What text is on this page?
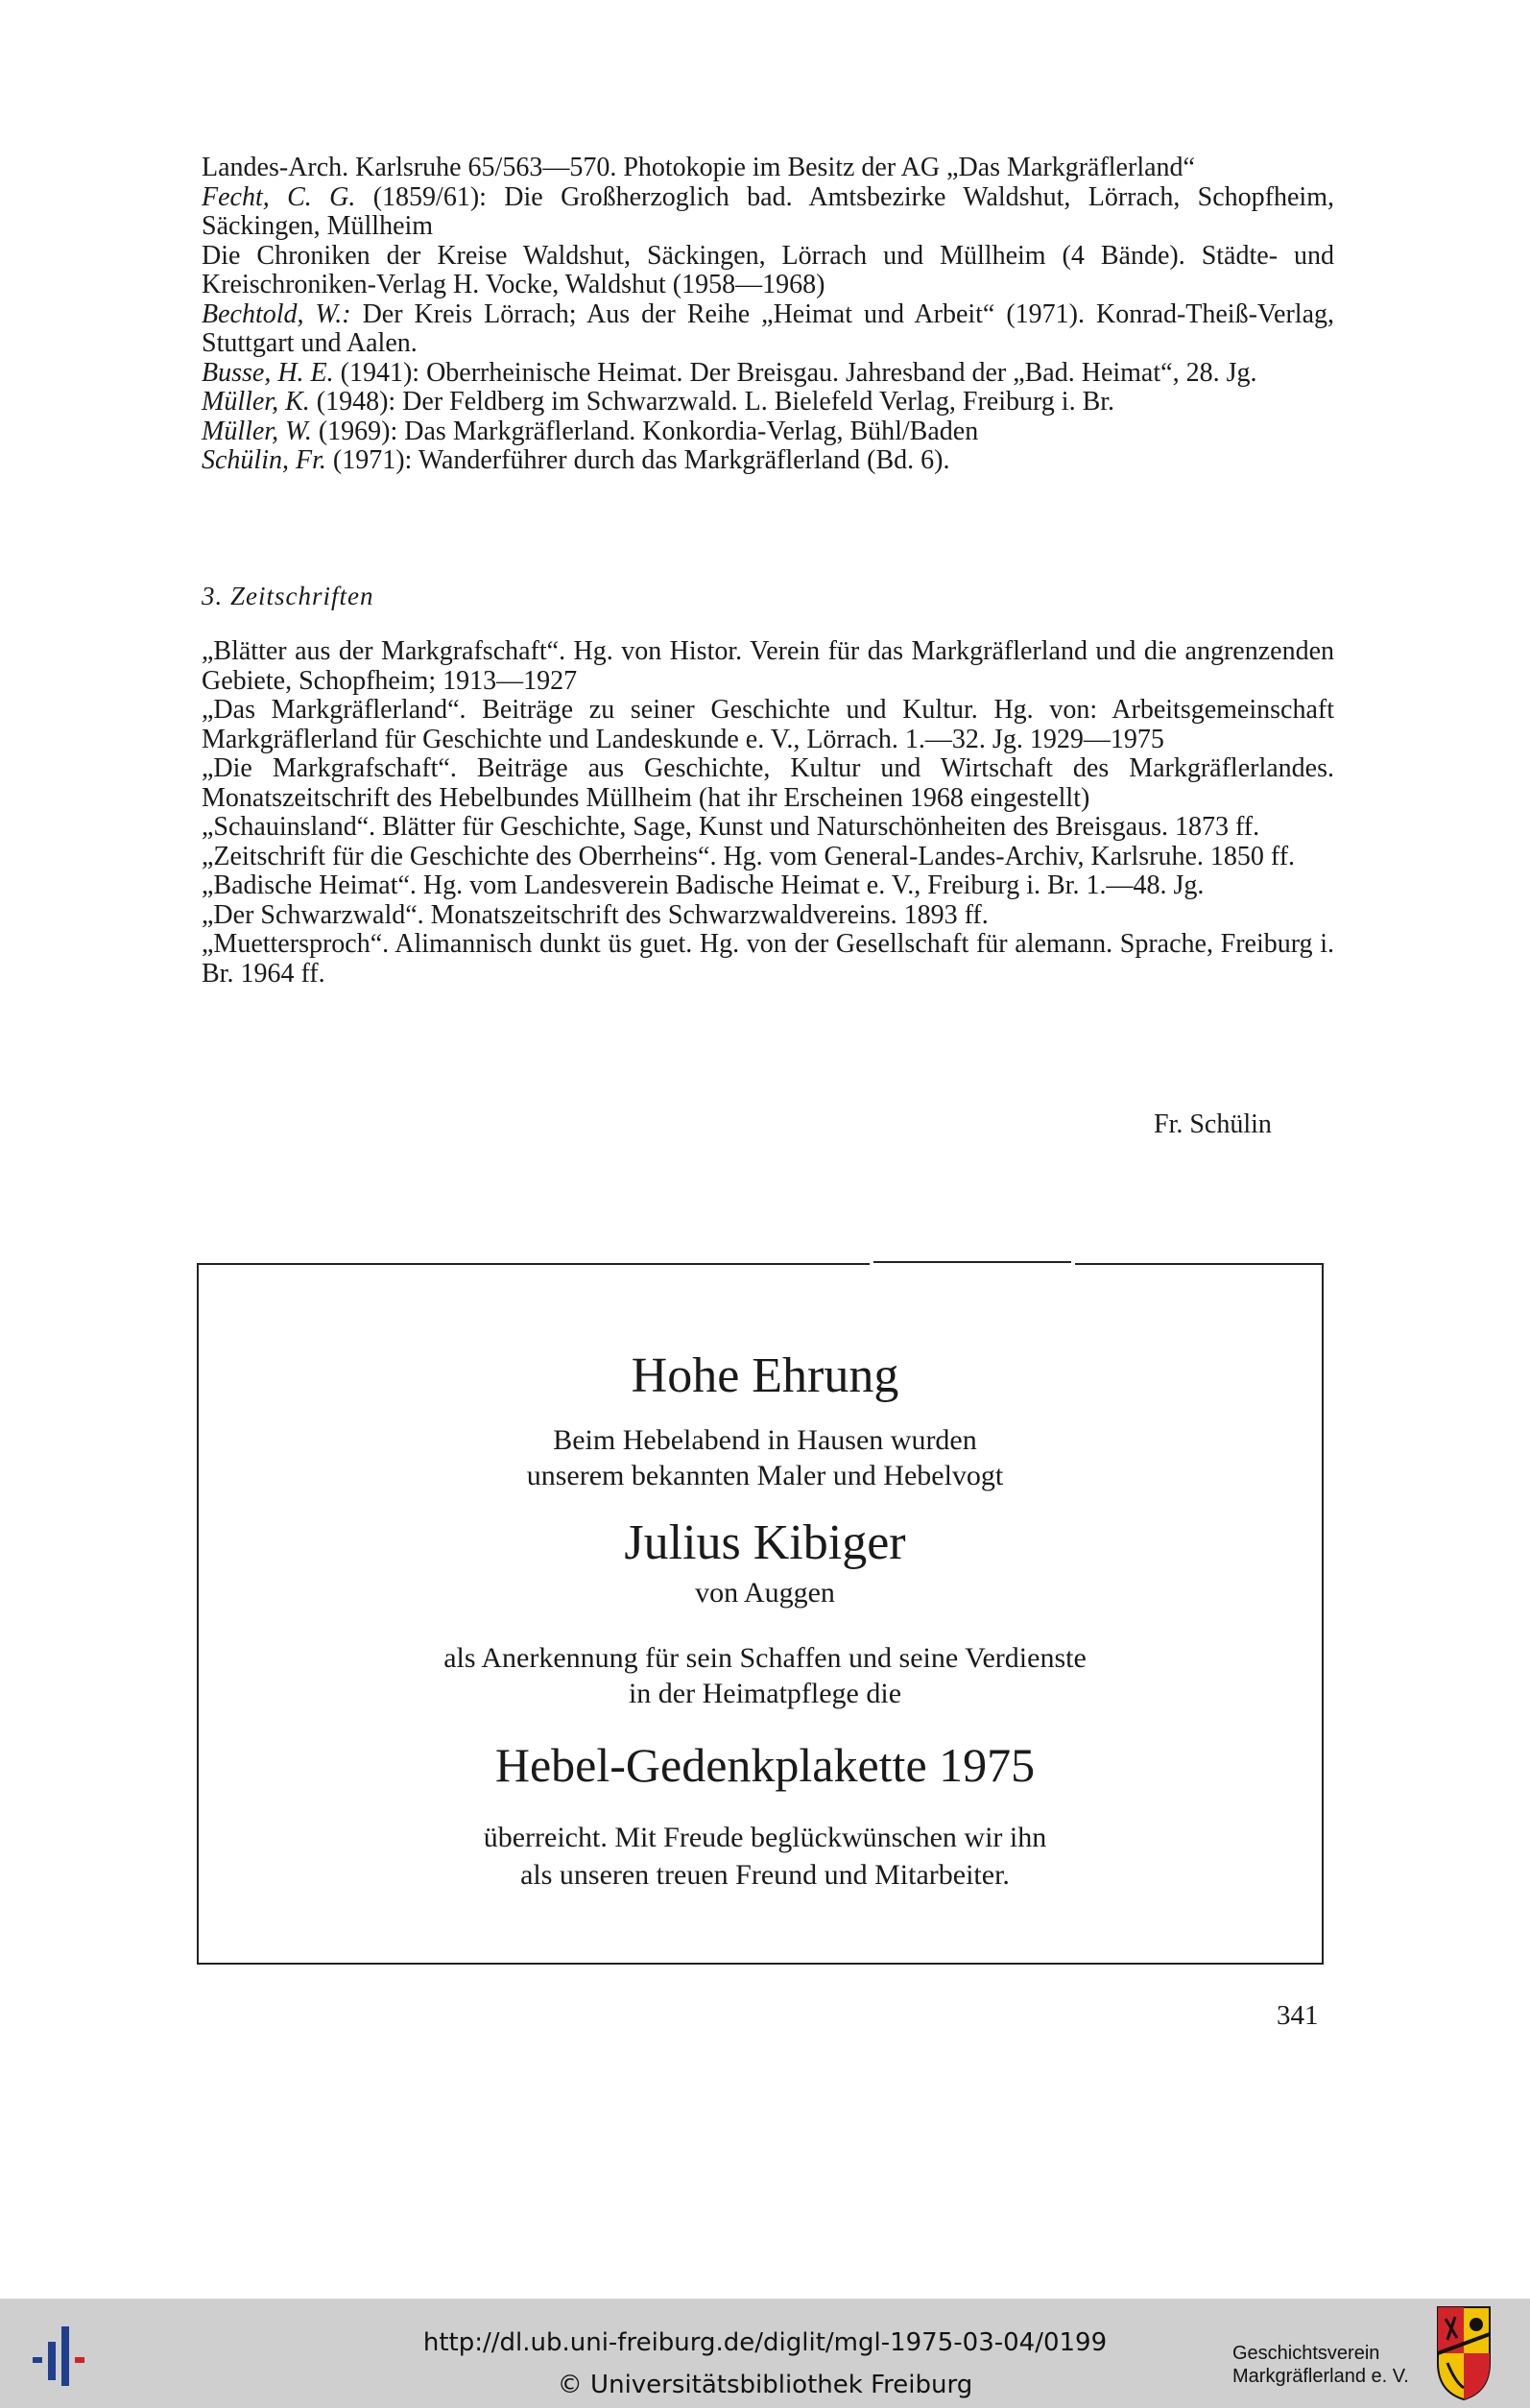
Landes-Arch. Karlsruhe 65/563—570. Photokopie im Besitz der AG „Das Markgräflerland“
Fecht, C. G. (1859/61): Die Großherzoglich bad. Amtsbezirke Waldshut, Lörrach, Schopfheim, Säckingen, Müllheim
Die Chroniken der Kreise Waldshut, Säckingen, Lörrach und Müllheim (4 Bände). Städte- und Kreischroniken-Verlag H. Vocke, Waldshut (1958—1968)
Bechtold, W.: Der Kreis Lörrach; Aus der Reihe „Heimat und Arbeit“ (1971). Konrad-Theiß-Verlag, Stuttgart und Aalen.
Busse, H. E. (1941): Oberrheinische Heimat. Der Breisgau. Jahresband der „Bad. Heimat“, 28. Jg.
Müller, K. (1948): Der Feldberg im Schwarzwald. L. Bielefeld Verlag, Freiburg i. Br.
Müller, W. (1969): Das Markgräflerland. Konkordia-Verlag, Bühl/Baden
Schülin, Fr. (1971): Wanderführer durch das Markgräflerland (Bd. 6).
3. Zeitschriften
„Blätter aus der Markgrafschaft“. Hg. von Histor. Verein für das Markgräflerland und die angrenzenden Gebiete, Schopfheim; 1913—1927
„Das Markgräflerland“. Beiträge zu seiner Geschichte und Kultur. Hg. von: Arbeitsgemeinschaft Markgräflerland für Geschichte und Landeskunde e. V., Lörrach. 1.—32. Jg. 1929—1975
„Die Markgrafschaft“. Beiträge aus Geschichte, Kultur und Wirtschaft des Markgräflerlandes. Monatszeitschrift des Hebelbundes Müllheim (hat ihr Erscheinen 1968 eingestellt)
„Schauinsland“. Blätter für Geschichte, Sage, Kunst und Naturschönheiten des Breisgaus. 1873 ff.
„Zeitschrift für die Geschichte des Oberrheins“. Hg. vom General-Landes-Archiv, Karlsruhe. 1850 ff.
„Badische Heimat“. Hg. vom Landesverein Badische Heimat e. V., Freiburg i. Br. 1.—48. Jg.
„Der Schwarzwald“. Monatszeitschrift des Schwarzwaldvereins. 1893 ff.
„Muettersproch“. Alimannisch dunkt üs guet. Hg. von der Gesellschaft für alemann. Sprache, Freiburg i. Br. 1964 ff.
Fr. Schülin
Hohe Ehrung
Beim Hebelabend in Hausen wurden
unserem bekannten Maler und Hebelvogt
Julius Kibiger
von Auggen
als Anerkennung für sein Schaffen und seine Verdienste
in der Heimatpflege die
Hebel-Gedenkplakette 1975
überreicht. Mit Freude beglückwünschen wir ihn
als unseren treuen Freund und Mitarbeiter.
341
http://dl.ub.uni-freiburg.de/diglit/mgl-1975-03-04/0199
© Universitätsbibliothek Freiburg
Geschichtsverein
Markgräflerland e. V.
